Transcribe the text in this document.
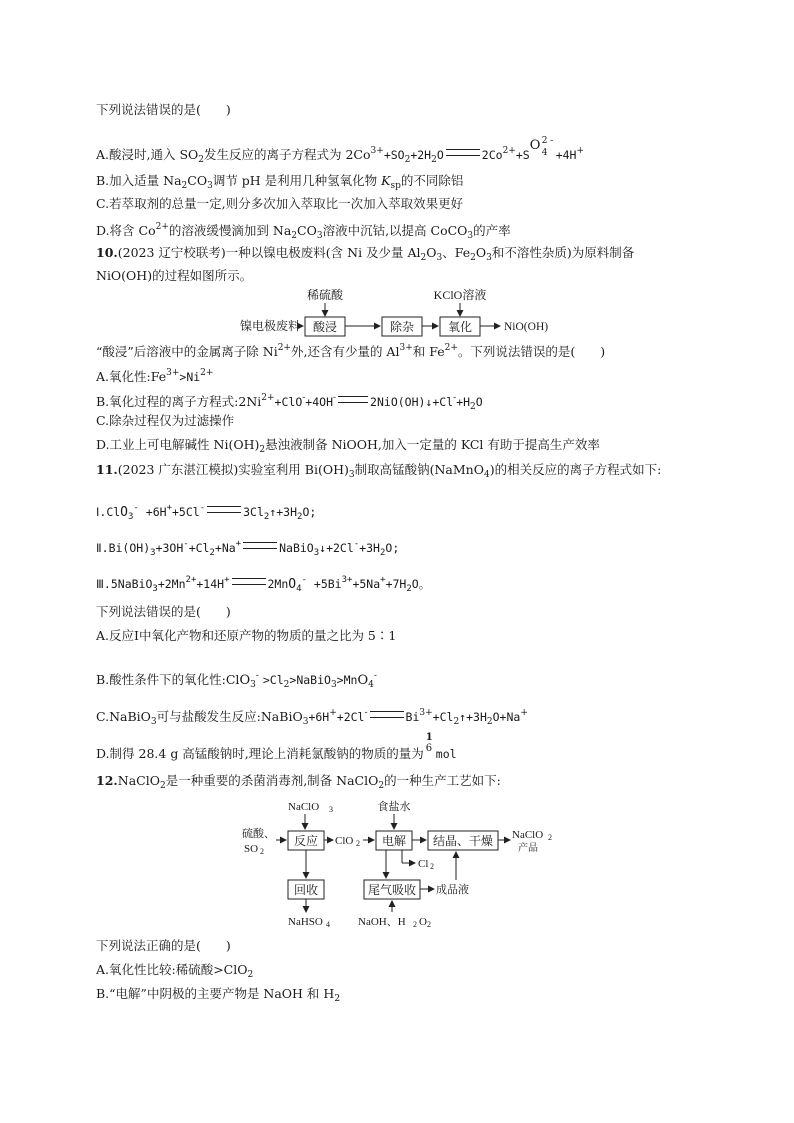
下列说法错误的是(　　)
A.酸浸时,通入 $SO_2$发生反应的离子方程式为 $2Co^{3+}+SO_2+2H_2O$	$2Co^{2+}+S$
O 2 -
4 +4H+
B.加入适量 $Na_2CO_3$调节 pH 是利用几种氢氧化物 $K_{sp}$的不同除铝
C.若萃取剂的总量一定,则分多次加入萃取比一次加入萃取效果更好
D.将含 $Co^{2+}$的溶液缓慢滴加到 $Na_2CO_3$溶液中沉钴,以提高 CoCO$_3$的产率
10.(2023 辽宁校联考)一种以镍电极废料(含 Ni 及少量 $Al_2O_3$、$Fe_2O_3$和不溶性杂质)为原料制备
NiO(OH)的过程如图所示。
稀硫酸	KClO溶液
镍电极废料 酸浸	除杂	氧化	NiO(OH)
“酸浸”后溶液中的金属离子除 $Ni^{2+}$外,还含有少量的 $Al^{3+}$和 $Fe^{2+}$。下列说法错误的是(　　)
A.氧化性$:Fe^{3+}>Ni^{2+}$
B.氧化过程的离子方程式$:2Ni^{2+}+ClO^-+4OH^-$	$2NiO(OH)↓+Cl^-+H_2O$
C.除杂过程仅为过滤操作
D.工业上可电解碱性 $Ni(OH)_2$悬浊液制备 NiOOH,加入一定量的 KCl 有助于提高生产效率
11.(2023 广东湛江模拟)实验室利用 $Bi(OH)_3$制取高锰酸钠(NaMnO$_4$)的相关反应的离子方程式如下:
Ⅰ.ClO$_3$- +6H++5Cl-	$3Cl_2↑+3H_2O$;
$Ⅱ.Bi(OH)_3+3OH^-+Cl_2+Na^+$	$NaBiO_3↓+2Cl^-+3H_2O$;
$Ⅲ.5NaBiO_3+2Mn^{2+}+14H^+$	$2MnO_4^- +5Bi^{3+}+5Na^++7H_2O$。
下列说法错误的是(　　)
A.反应Ⅰ中氧化产物和还原产物的物质的量之比为 5∶1
B.酸性条件下的氧化性:ClO$_3$- $>Cl_2>NaBiO_3>MnO_4^-$
C.NaBiO$_3$可与盐酸发生反应:NaBiO$_3$+6H++2Cl-	$Bi^{3+}+Cl_2↑+3H_2O+Na^+$
D.制得 28.4 g 高锰酸钠时,理论上消耗氯酸钠的物质的量为
1
6 mol
12.NaClO$_2$是一种重要的杀菌消毒剂,制备 NaClO$_2$的一种生产工艺如下:
NaClO 3
硫酸、
SO 2
反应 ClO 2
食盐水
电解 结晶、干燥 NaClO 2
产品
Cl 2
回收
NaHSO 4
尾气吸收 成品液
NaOH、H 2 O 2
下列说法正确的是(　　)
A.氧化性比较:稀硫酸>ClO$_2$
B.“电解”中阴极的主要产物是 NaOH 和 $H_2$
